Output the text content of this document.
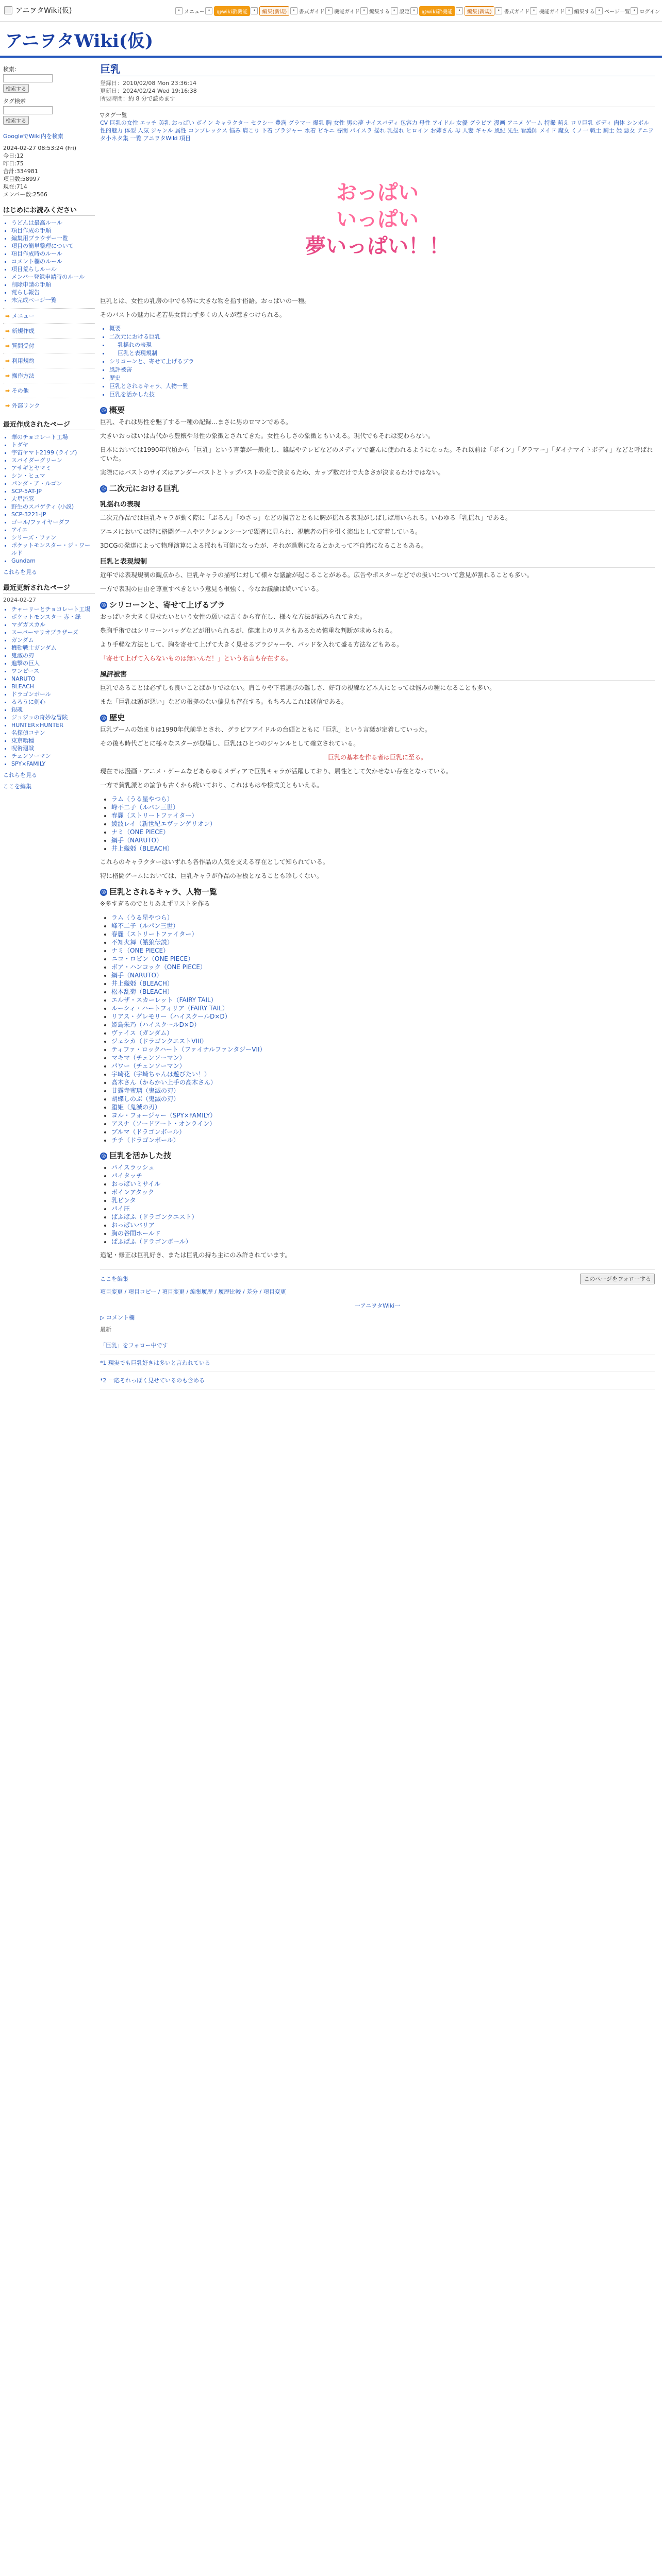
アニヲタWiki(仮)	• メニュー •	@wiki新機能	•	編集(新規)	• 書式ガイド • 機能ガイド • 編集する • 設定 •	@wiki新機能	•	編集(新規)	• 書式ガイド • 機能ガイド • 編集する • ページ一覧 • ログイン
アニヲタWiki(仮)
検索：
検索する
タグ検索
検索する
GoogleでWiki内を検索
2024-02-27 08:53:24 (Fri)
今日:12
昨日:75
合計:334981
項目数:58997
現在:714
メンバー数:2566
はじめにお読みください
• うどんは最高ルール
• 項目作成の手順
• 編集用ブラウザー一覧
• 項目の簡単整理について
• 項目作成時のルール
• コメント欄のルール
• 項目荒らしルール
• メンバー登録申請時のルール
• 削除申請の手順
• 荒らし報告
• 未完成ページ一覧
➡ メニュー
➡ 新規作成
➡ 質問受付
➡ 利用規約
➡ 操作方法
➡ その他
➡ 外部リンク
最近作成されたページ
• 華のチョコレート工場
• トダヤ
• 宇宙ヤマト2199 (ライブ)
• スパイダーグリーン
• アサギとヤマミ
• シン・ヒュマ
• パンダ・ア・ルゴン
• SCP-5AT-JP
• 大星流忍
• 野生のスパゲティ (小説)
• SCP-3221-JP
• ゴール/ファイヤーダフ
• アイエ
• シリーズ・ファン
• ポケットモンスター・ジ・ワールド
• Gundam
これらを見る
最近更新されたページ
2024-02-27
• チャーリーとチョコレート工場
• ポケットモンスター 赤・緑
• マダガスカル
• スーパーマリオブラザーズ
• ガンダム
• 機動戦士ガンダム
• 鬼滅の刃
• 進撃の巨人
• ワンピース
• NARUTO
• BLEACH
• ドラゴンボール
• るろうに剣心
• 銀魂
• ジョジョの奇妙な冒険
• HUNTER×HUNTER
• 名探偵コナン
• 東京喰種
• 呪術廻戦
• チェンソーマン
• SPY×FAMILY
これらを見る
ここを編集
巨乳
登録日：2010/02/08 Mon 23:36:14
更新日：2024/02/24 Wed 19:16:38
所要時間：約 8 分で読めます
▽タグ一覧
CV 巨乳の女性 エッチ 美乳 おっぱい ボイン キャラクター セクシー 豊満 グラマー 爆乳 胸 女性 男の夢 ナイスバディ 包容力 母性 アイドル 女優 グラビア 漫画 アニメ ゲーム 特撮 萌え ロリ巨乳 ボディ 肉体 シンボル 性的魅力 体型 人気 ジャンル 属性 コンプレックス 悩み 肩こり 下着 ブラジャー 水着 ビキニ 谷間 パイスラ 揺れ 乳揺れ ヒロイン お姉さん 母 人妻 ギャル 風紀 先生 看護師 メイド 魔女 くノ一 戦士 騎士 姫 悪女 アニヲタ小ネタ集 一覧 アニヲタWiki 項目
おっぱい
いっぱい
夢いっぱい！！

巨乳とは、女性の乳房の中でも特に大きな物を指す俗語。おっぱいの一種。

そのバストの魅力に老若男女問わず多くの人々が惹きつけられる。

• 概要
• 二次元における巨乳
• 乳揺れの表現
• 巨乳と表現規制
• シリコーンと、寄せて上げるブラ
• 風評被害
• 歴史
• 巨乳とされるキャラ、人物一覧
• 巨乳を活かした技
◎ 概要

巨乳、それは男性を魅了する一種の記録…まさに男のロマンである。

大きいおっぱいは古代から豊穣や母性の象徴とされてきた。女性らしさの象徴ともいえる。現代でもそれは変わらない。

日本においては1990年代頃から「巨乳」という言葉が一般化し、雑誌やテレビなどのメディアで盛んに使われるようになった。それ以前は「ボイン」「グラマー」「ダイナマイトボディ」などと呼ばれていた。

実際にはバストのサイズはアンダーバストとトップバストの差で決まるため、カップ数だけで大きさが決まるわけではない。

◎ 二次元における巨乳
乳揺れの表現

二次元作品では巨乳キャラが動く際に「ぶるん」「ゆさっ」などの擬音とともに胸が揺れる表現がしばしば用いられる。いわゆる「乳揺れ」である。

アニメにおいては特に格闘ゲームやアクションシーンで顕著に見られ、視聴者の目を引く演出として定着している。

3DCGの発達によって物理演算による揺れも可能になったが、それが過剰になるとかえって不自然になることもある。

巨乳と表現規制

近年では表現規制の観点から、巨乳キャラの描写に対して様々な議論が起こることがある。広告やポスターなどでの扱いについて意見が割れることも多い。

一方で表現の自由を尊重すべきという意見も根強く、今なお議論は続いている。

◎ シリコーンと、寄せて上げるブラ

おっぱいを大きく見せたいという女性の願いは古くから存在し、様々な方法が試みられてきた。

豊胸手術ではシリコーンバッグなどが用いられるが、健康上のリスクもあるため慎重な判断が求められる。

より手軽な方法として、胸を寄せて上げて大きく見せるブラジャーや、パッドを入れて盛る方法などもある。

「寄せて上げて入らないものは無いんだ！」という名言も存在する。

風評被害

巨乳であることは必ずしも良いことばかりではない。肩こりや下着選びの難しさ、好奇の視線など本人にとっては悩みの種になることも多い。

また「巨乳は頭が悪い」などの根拠のない偏見も存在する。もちろんこれは迷信である。

◎ 歴史

巨乳ブームの始まりは1990年代前半とされ、グラビアアイドルの台頭とともに「巨乳」という言葉が定着していった。

その後も時代ごとに様々なスターが登場し、巨乳はひとつのジャンルとして確立されている。

巨乳の基本を作る者は巨乳に至る。

現在では漫画・アニメ・ゲームなどあらゆるメディアで巨乳キャラが活躍しており、属性として欠かせない存在となっている。

一方で貧乳派との論争も古くから続いており、これはもはや様式美ともいえる。

• ラム（うる星やつら）
• 峰不二子（ルパン三世）
• 春麗（ストリートファイター）
• 綾波レイ（新世紀エヴァンゲリオン）
• ナミ（ONE PIECE）
• 綱手（NARUTO）
• 井上織姫（BLEACH）

これらのキャラクターはいずれも各作品の人気を支える存在として知られている。

特に格闘ゲームにおいては、巨乳キャラが作品の看板となることも珍しくない。

◎ 巨乳とされるキャラ、人物一覧

※多すぎるのでとりあえずリストを作る

• ラム（うる星やつら）
• 峰不二子（ルパン三世）
• 春麗（ストリートファイター）
• 不知火舞（餓狼伝説）
• ナミ（ONE PIECE）
• ニコ・ロビン（ONE PIECE）
• ボア・ハンコック（ONE PIECE）
• 綱手（NARUTO）
• 井上織姫（BLEACH）
• 松本乱菊（BLEACH）
• エルザ・スカーレット（FAIRY TAIL）
• ルーシィ・ハートフィリア（FAIRY TAIL）
• リアス・グレモリー（ハイスクールD×D）
• 姫島朱乃（ハイスクールD×D）
• ヴァイス（ガンダム）
• ジェシカ（ドラゴンクエストVIII）
• ティファ・ロックハート（ファイナルファンタジーVII）
• マキマ（チェンソーマン）
• パワー（チェンソーマン）
• 宇崎花（宇崎ちゃんは遊びたい！）
• 高木さん（からかい上手の高木さん）
• 甘露寺蜜璃（鬼滅の刃）
• 胡蝶しのぶ（鬼滅の刃）
• 堕姫（鬼滅の刃）
• ヨル・フォージャー（SPY×FAMILY）
• アスナ（ソードアート・オンライン）
• ブルマ（ドラゴンボール）
• チチ（ドラゴンボール）
◎ 巨乳を活かした技
• パイスラッシュ
• パイタッチ
• おっぱいミサイル
• ボインアタック
• 乳ビンタ
• パイ圧
• ぱふぱふ（ドラゴンクエスト）
• おっぱいバリア
• 胸の谷間ホールド
• ぱふぱふ（ドラゴンボール）

追記・修正は巨乳好き、または巨乳の持ち主にのみ許されています。

ここを編集	このページをフォローする
項目変更 / 項目コピー / 項目変更 / 編集履歴 / 履歴比較 / 差分 / 項目変更
一アニヲタWiki一
▷ コメント欄
最新
「巨乳」をフォロー中です
*1 現実でも巨乳好きは多いと言われている
*2 一応それっぽく見せているのも含める
